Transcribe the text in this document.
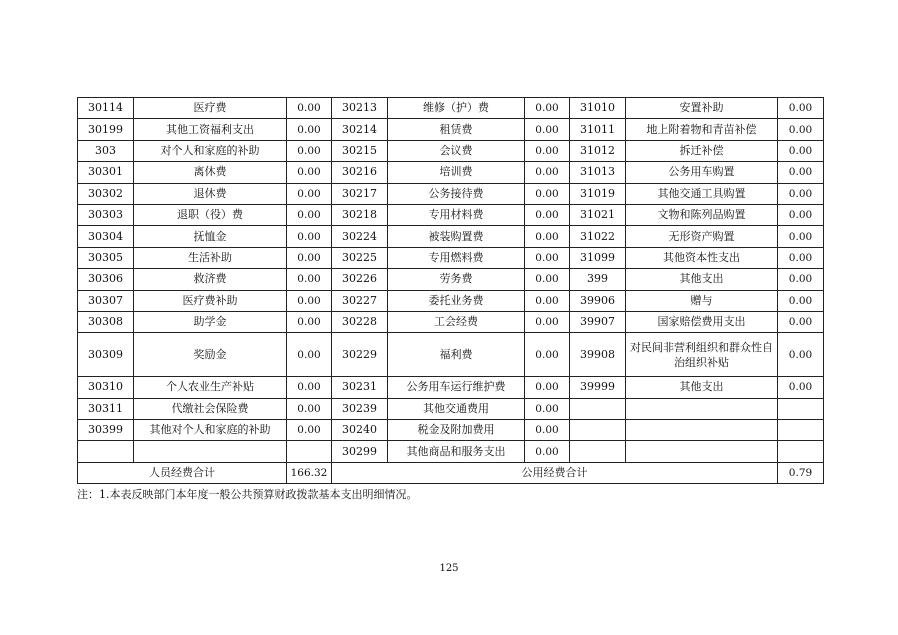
30114	医疗费	0.00	30213	维修（护）费	0.00	31010	安置补助	0.00
30199	其他工资福利支出	0.00	30214	租赁费	0.00	31011	地上附着物和青苗补偿	0.00
303	对个人和家庭的补助	0.00	30215	会议费	0.00	31012	拆迁补偿	0.00
30301	离休费	0.00	30216	培训费	0.00	31013	公务用车购置	0.00
30302	退休费	0.00	30217	公务接待费	0.00	31019	其他交通工具购置	0.00
30303	退职（役）费	0.00	30218	专用材料费	0.00	31021	文物和陈列品购置	0.00
30304	抚恤金	0.00	30224	被装购置费	0.00	31022	无形资产购置	0.00
30305	生活补助	0.00	30225	专用燃料费	0.00	31099	其他资本性支出	0.00
30306	救济费	0.00	30226	劳务费	0.00	399	其他支出	0.00
30307	医疗费补助	0.00	30227	委托业务费	0.00	39906	赠与	0.00
30308	助学金	0.00	30228	工会经费	0.00	39907	国家赔偿费用支出	0.00
30309	奖励金	0.00	30229	福利费	0.00	39908	对民间非营利组织和群众性自治组织补贴	0.00
30310	个人农业生产补贴	0.00	30231	公务用车运行维护费	0.00	39999	其他支出	0.00
30311	代缴社会保险费	0.00	30239	其他交通费用	0.00			
30399	其他对个人和家庭的补助	0.00	30240	税金及附加费用	0.00			
			30299	其他商品和服务支出	0.00			
人员经费合计		166.32	公用经费合计					0.79
注：1.本表反映部门本年度一般公共预算财政拨款基本支出明细情况。
125
